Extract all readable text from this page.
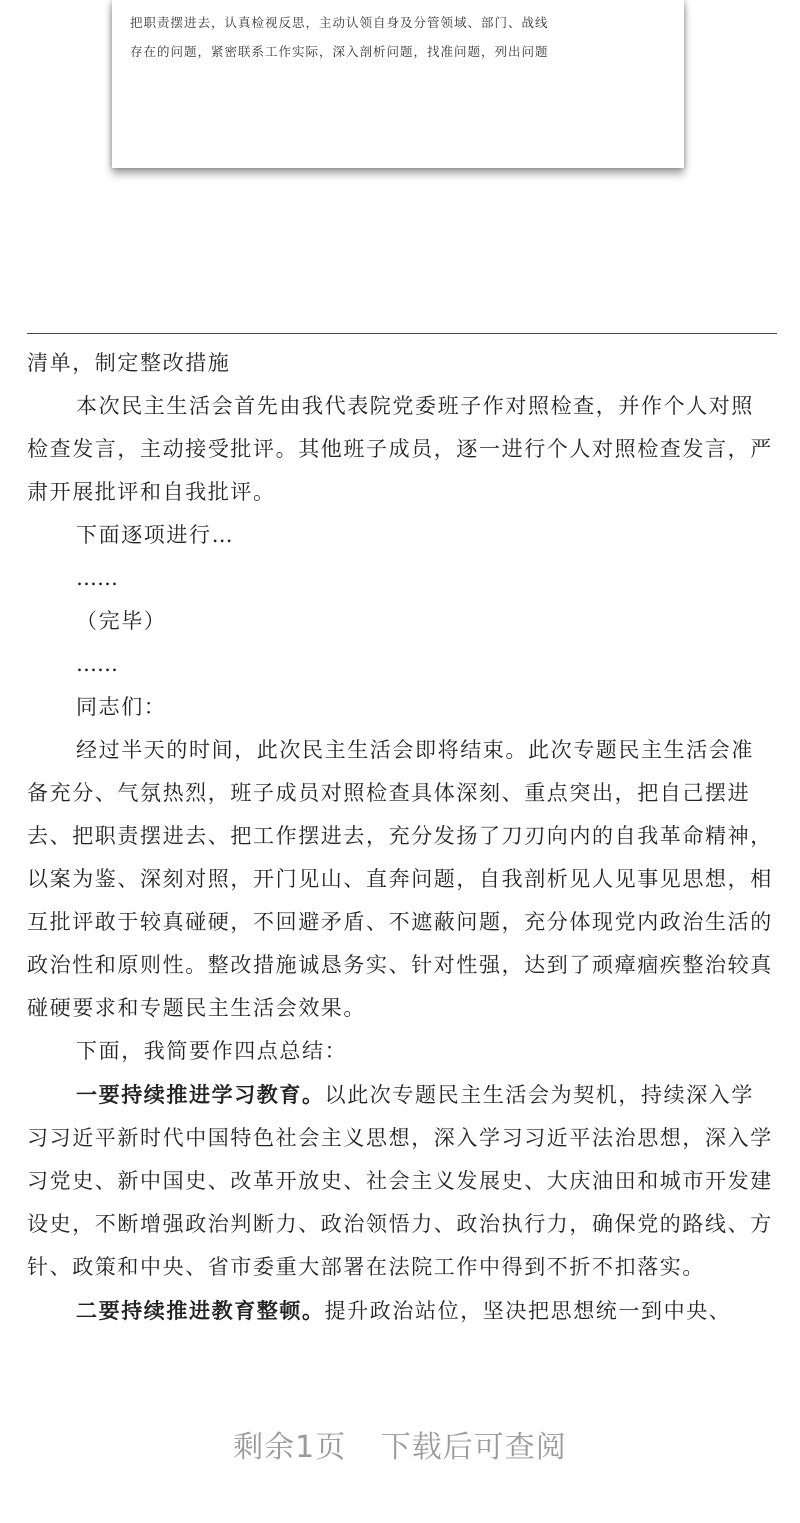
把职责摆进去，认真检视反思，主动认领自身及分管领域、部门、战线
存在的问题，紧密联系工作实际，深入剖析问题，找准问题，列出问题

清单，制定整改措施

本次民主生活会首先由我代表院党委班子作对照检查，并作个人对照检查发言，主动接受批评。其他班子成员，逐一进行个人对照检查发言，严肃开展批评和自我批评。

下面逐项进行…

……

（完毕）

……

同志们：

经过半天的时间，此次民主生活会即将结束。此次专题民主生活会准备充分、气氛热烈，班子成员对照检查具体深刻、重点突出，把自己摆进去、把职责摆进去、把工作摆进去，充分发扬了刀刃向内的自我革命精神，以案为鉴、深刻对照，开门见山、直奔问题，自我剖析见人见事见思想，相互批评敢于较真碰硬，不回避矛盾、不遮蔽问题，充分体现党内政治生活的政治性和原则性。整改措施诚恳务实、针对性强，达到了顽瘴痼疾整治较真碰硬要求和专题民主生活会效果。

下面，我简要作四点总结：

一要持续推进学习教育。以此次专题民主生活会为契机，持续深入学习习近平新时代中国特色社会主义思想，深入学习习近平法治思想，深入学习党史、新中国史、改革开放史、社会主义发展史、大庆油田和城市开发建设史，不断增强政治判断力、政治领悟力、政治执行力，确保党的路线、方针、政策和中央、省市委重大部署在法院工作中得到不折不扣落实。

二要持续推进教育整顿。提升政治站位，坚决把思想统一到中央、

剩余1页 下载后可查阅
